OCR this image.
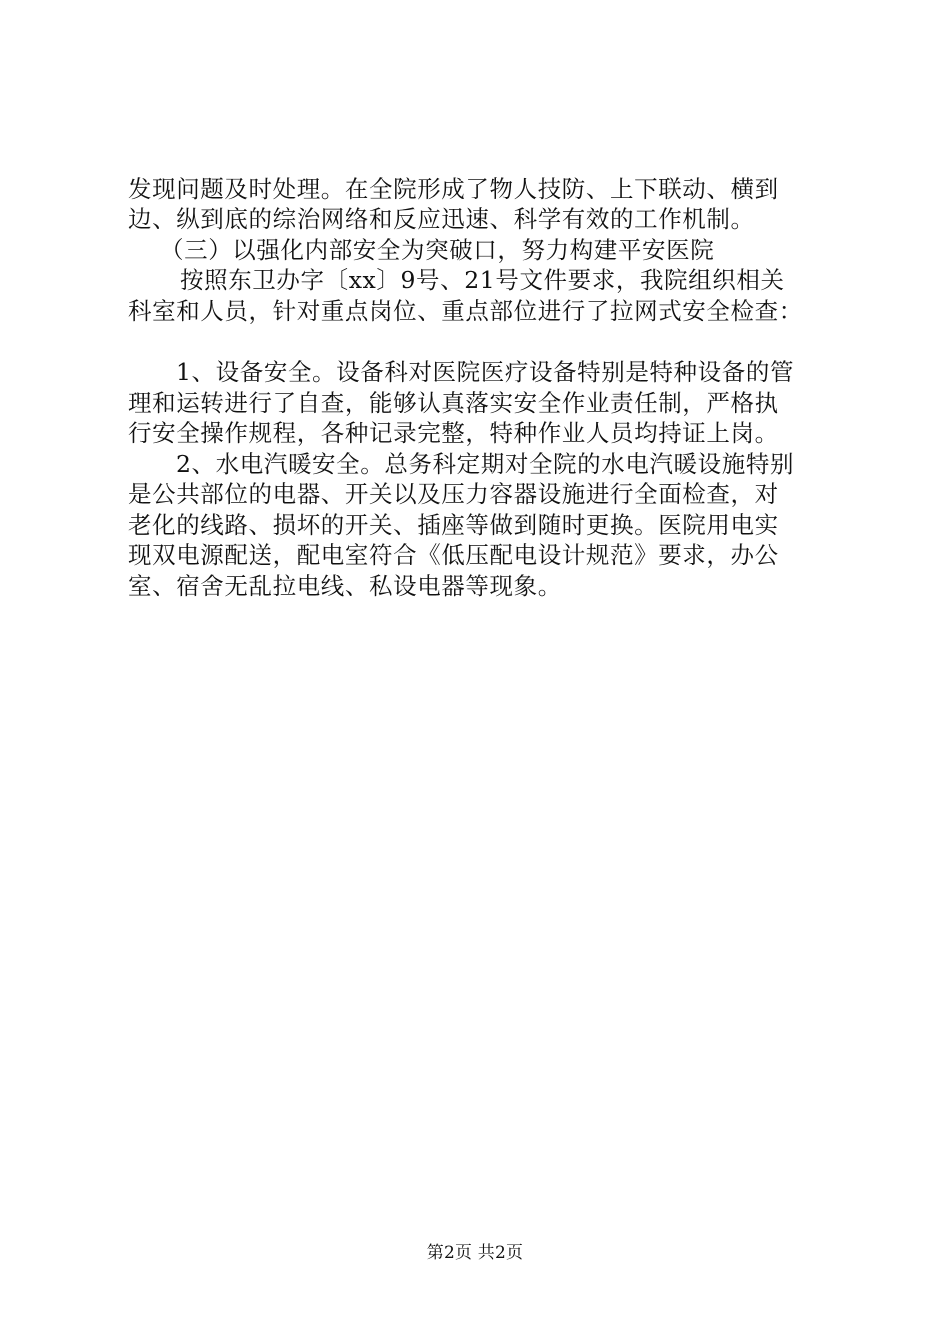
发现问题及时处理。在全院形成了物人技防、上下联动、横到
边、纵到底的综治网络和反应迅速、科学有效的工作机制。
（三）以强化内部安全为突破口，努力构建平安医院
按照东卫办字〔xx〕9号、21号文件要求，我院组织相关
科室和人员，针对重点岗位、重点部位进行了拉网式安全检查：
1、设备安全。设备科对医院医疗设备特别是特种设备的管
理和运转进行了自查，能够认真落实安全作业责任制，严格执
行安全操作规程，各种记录完整，特种作业人员均持证上岗。
2、水电汽暖安全。总务科定期对全院的水电汽暖设施特别
是公共部位的电器、开关以及压力容器设施进行全面检查，对
老化的线路、损坏的开关、插座等做到随时更换。医院用电实
现双电源配送，配电室符合《低压配电设计规范》要求，办公
室、宿舍无乱拉电线、私设电器等现象。
第2页 共2页
